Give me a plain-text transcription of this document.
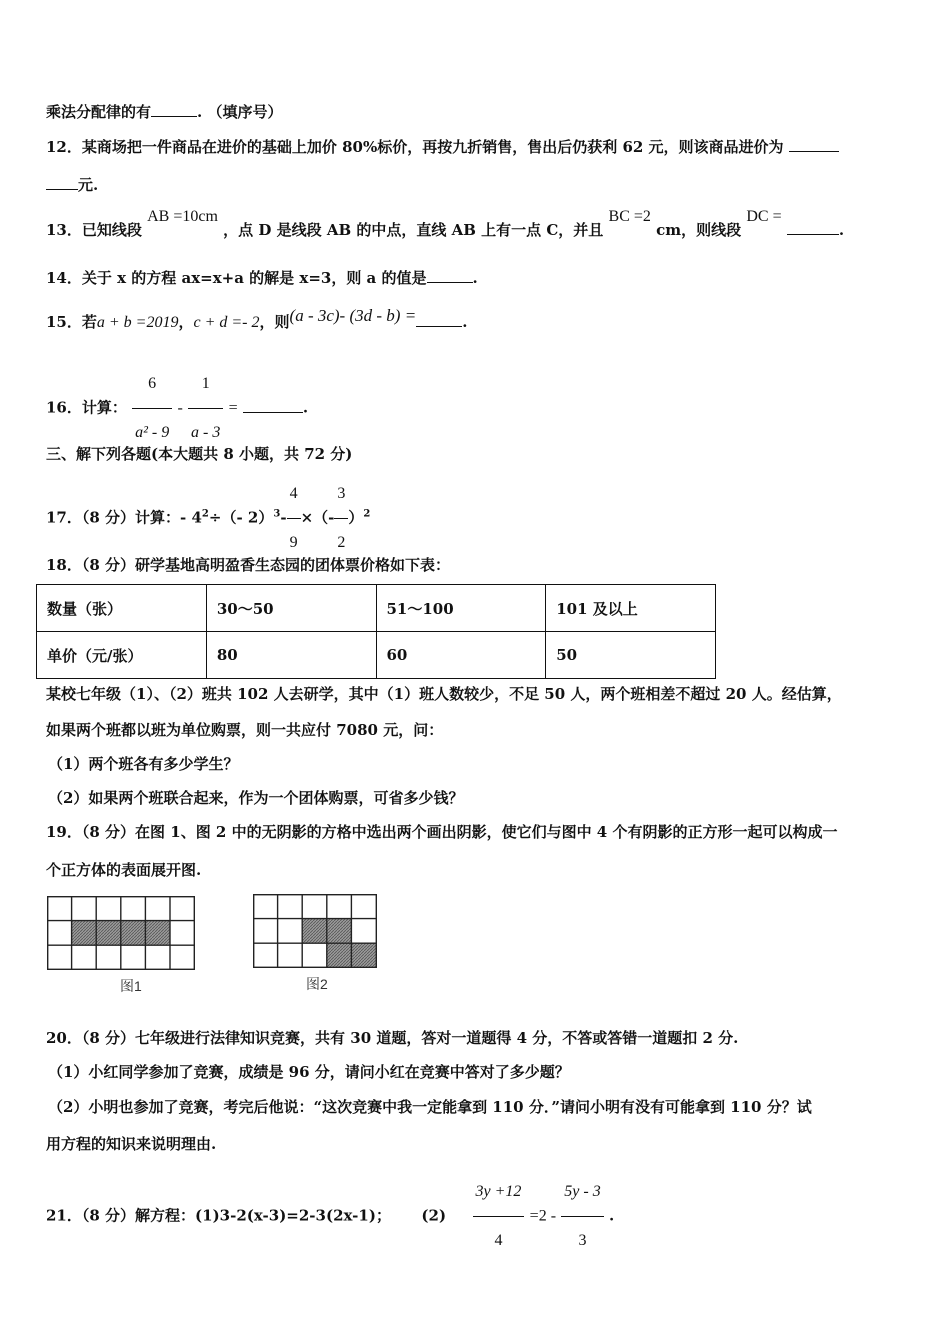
乘法分配律的有	. （填序号）
12．某商场把一件商品在进价的基础上加价 80%标价，再按九折销售，售出后仍获利 62 元，则该商品进价为
元.
13．已知线段 AB =10cm ，点 D 是线段 AB 的中点，直线 AB 上有一点 C，并且 BC =2 cm，则线段 DC = .
14．关于 x 的方程 ax=x+a 的解是 x=3，则 a 的值是	.
15．若a + b =2019，c + d =- 2，则(a - 3c)- (3d - b) =	.
16．计算： $\frac{6}{\text{a² - 9}} - \frac{1}{a - 3}$ =	.
三、解下列各题(本大题共 8 小题，共 72 分)
17．（8 分）计算：- $4^2\div(-$ $2)^3- \frac{4}{9}$ ×（- $\frac{3}{2} )^2$
18．（8 分）研学基地高明盈香生态园的团体票价格如下表：
数量（张）	30～50	51～100	101 及以上
单价（元/张）	80	60	50
某校七年级（1）、（2）班共 102 人去研学，其中（1）班人数较少，不足 50 人，两个班相差不超过 20 人。经估算，
如果两个班都以班为单位购票，则一共应付 7080 元，问：
（1）两个班各有多少学生？
（2）如果两个班联合起来，作为一个团体购票，可省多少钱？
19．（8 分）在图 1、图 2 中的无阴影的方格中选出两个画出阴影，使它们与图中 4 个有阴影的正方形一起可以构成一
个正方体的表面展开图.
图1	图2
20．（8 分）七年级进行法律知识竞赛，共有 30 道题，答对一道题得 4 分，不答或答错一道题扣 2 分.
（1）小红同学参加了竞赛，成绩是 96 分，请问小红在竞赛中答对了多少题？
（2）小明也参加了竞赛，考完后他说：“这次竞赛中我一定能拿到 110 分．”请问小明有没有可能拿到 110 分？试
用方程的知识来说明理由.
21．（8 分）解方程：(1)3-2(x-3)=2-3(2x-1)； $(2) \frac{3y +12}{4} =2 - \frac{5y - 3}{3}$ .
